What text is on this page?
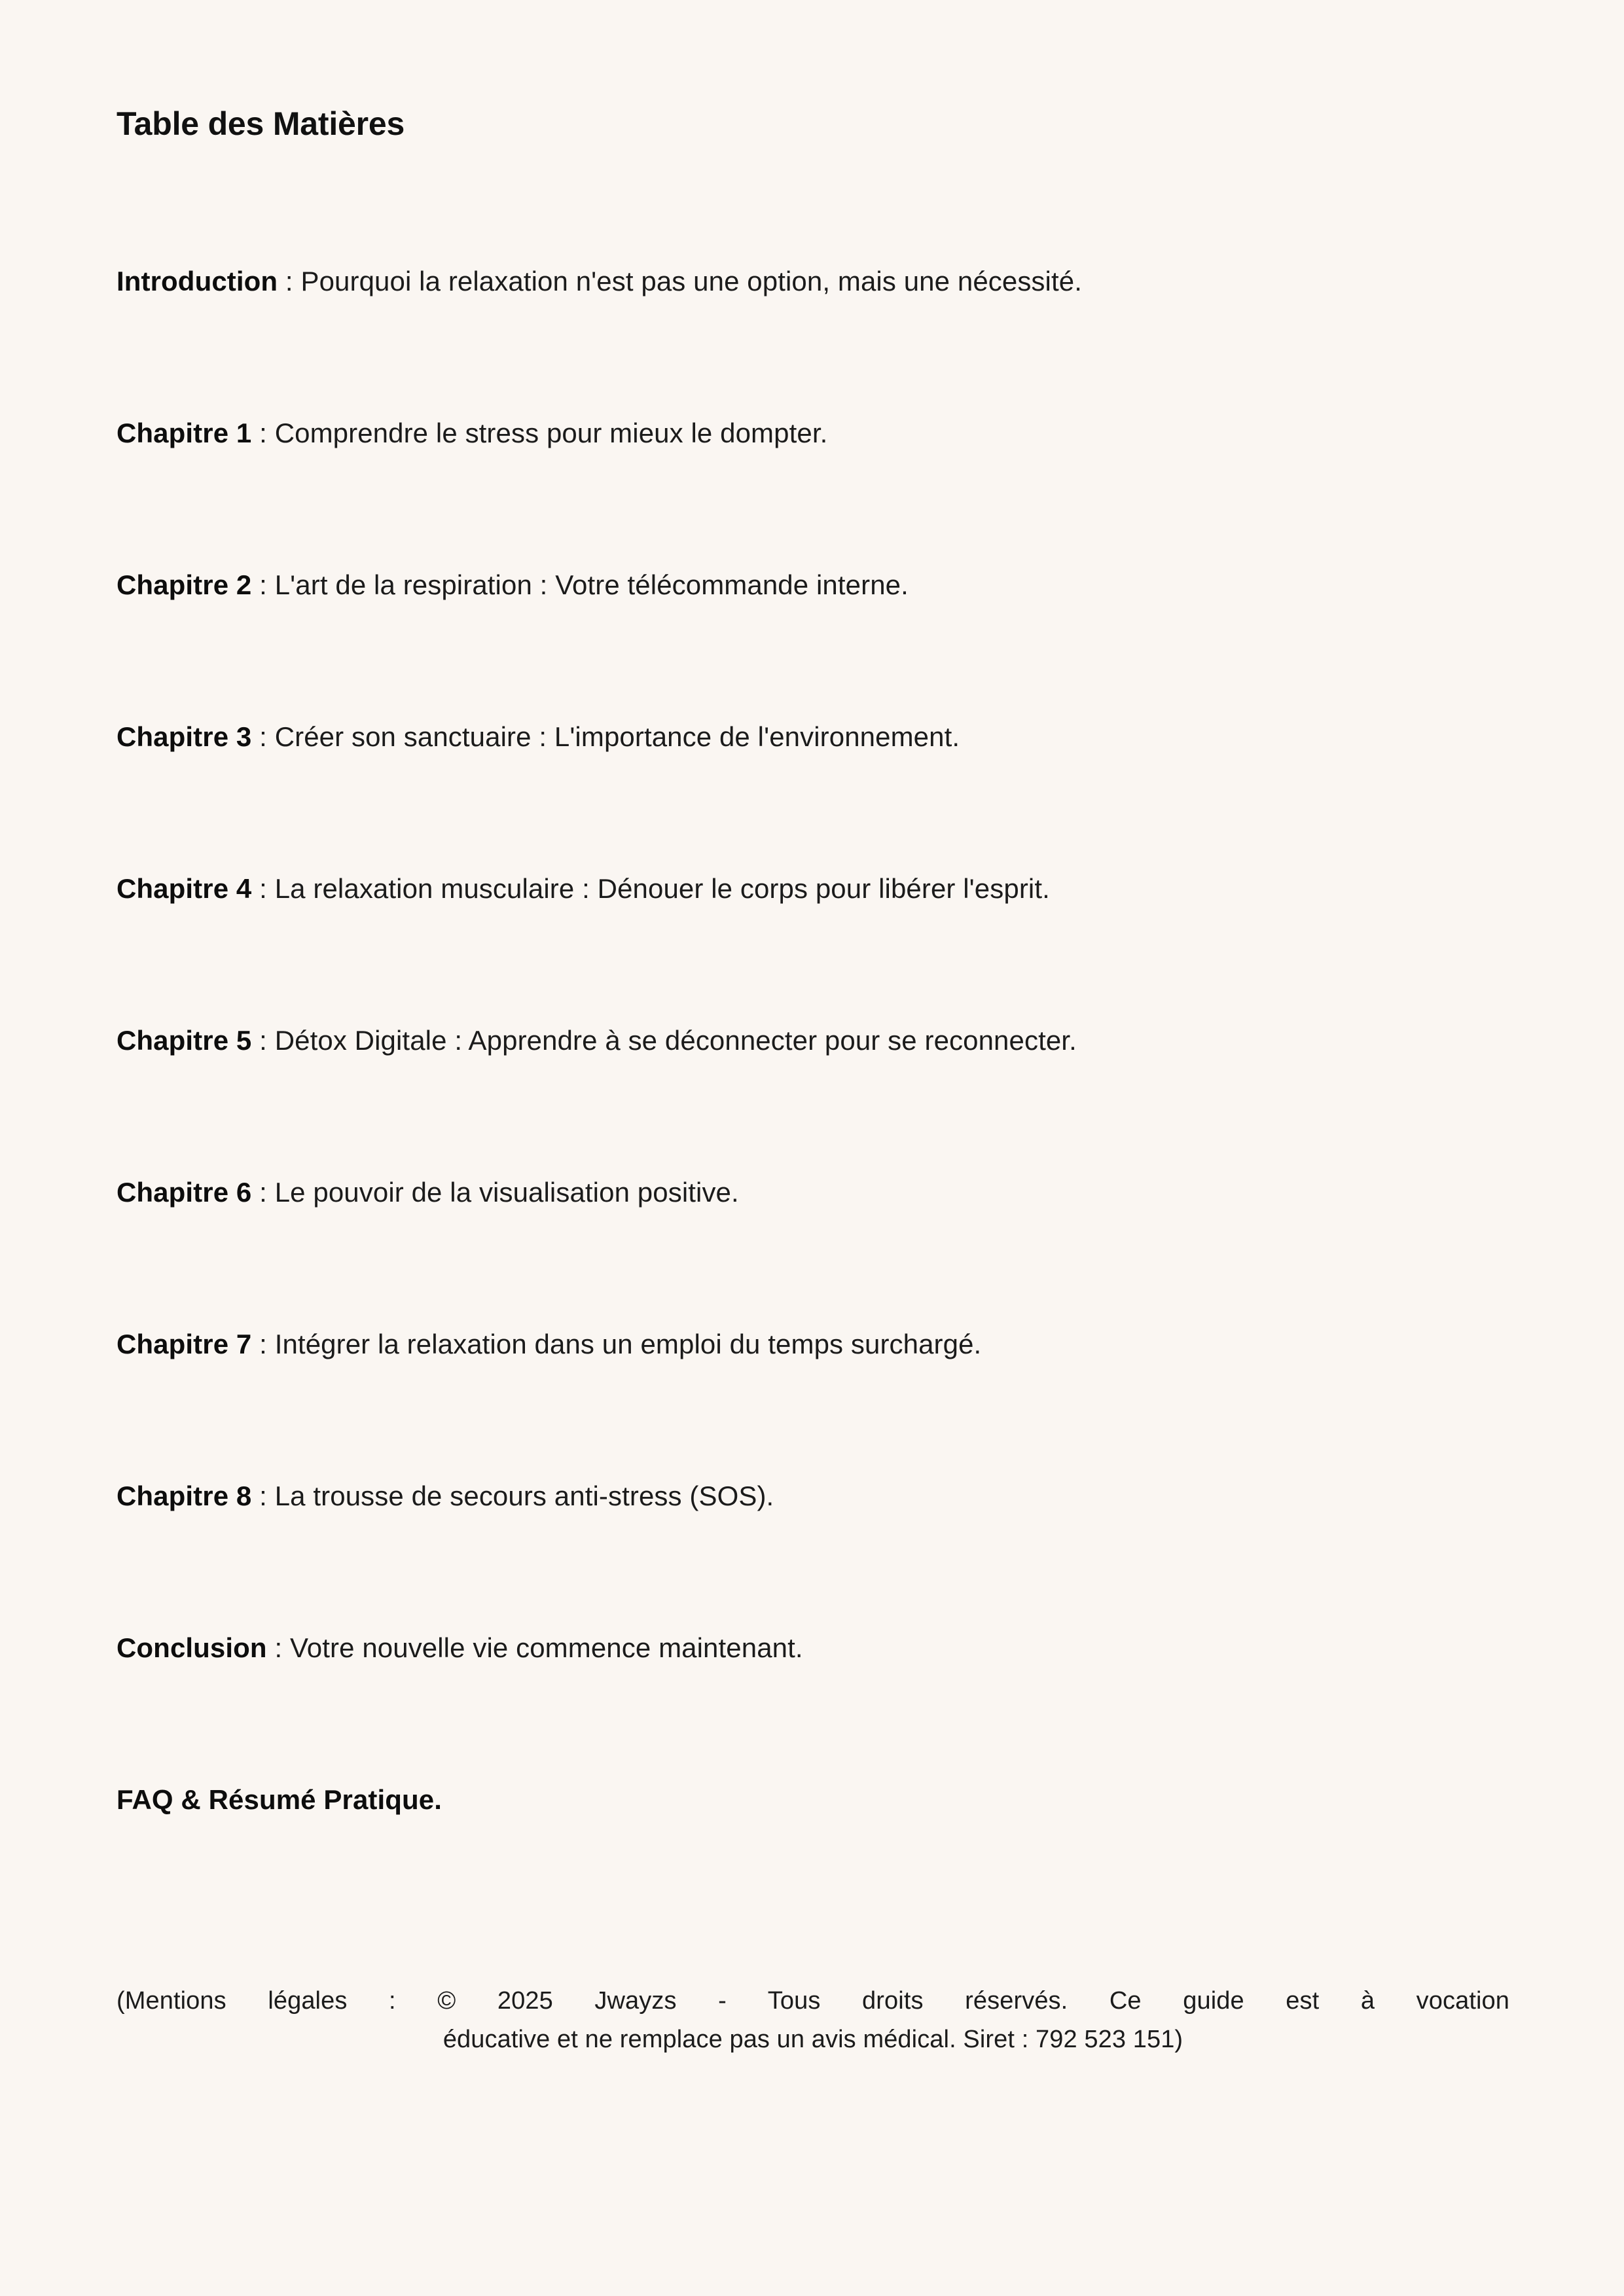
Table des Matières
Introduction : Pourquoi la relaxation n'est pas une option, mais une nécessité.
Chapitre 1 : Comprendre le stress pour mieux le dompter.
Chapitre 2 : L'art de la respiration : Votre télécommande interne.
Chapitre 3 : Créer son sanctuaire : L'importance de l'environnement.
Chapitre 4 : La relaxation musculaire : Dénouer le corps pour libérer l'esprit.
Chapitre 5 : Détox Digitale : Apprendre à se déconnecter pour se reconnecter.
Chapitre 6 : Le pouvoir de la visualisation positive.
Chapitre 7 : Intégrer la relaxation dans un emploi du temps surchargé.
Chapitre 8 : La trousse de secours anti-stress (SOS).
Conclusion : Votre nouvelle vie commence maintenant.
FAQ & Résumé Pratique.
(Mentions légales : © 2025 Jwayzs - Tous droits réservés. Ce guide est à vocation
éducative et ne remplace pas un avis médical. Siret : 792 523 151)
